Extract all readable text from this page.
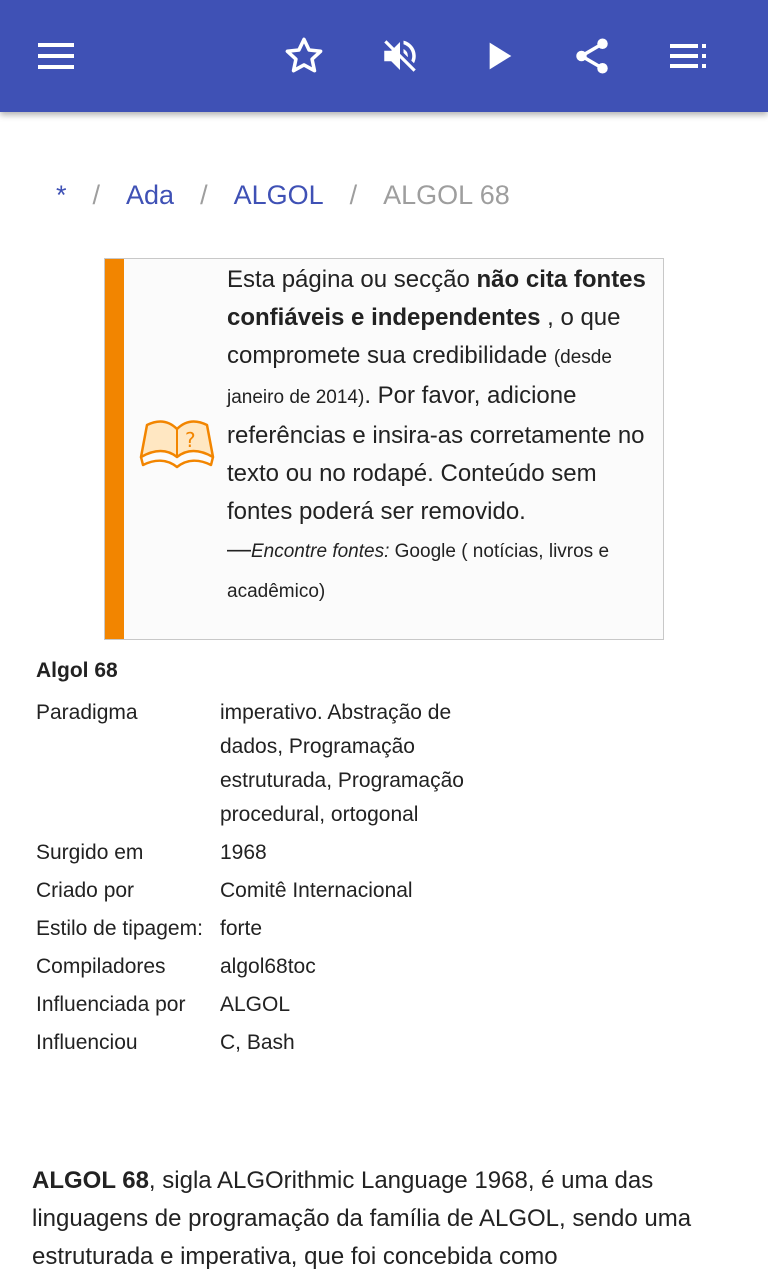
* / Ada / ALGOL / ALGOL 68
?
Esta página ou secção não cita fontes confiáveis e independentes , o que compromete sua credibilidade (desde janeiro de 2014). Por favor, adicione referências e insira-as corretamente no texto ou no rodapé. Conteúdo sem fontes poderá ser removido.
—Encontre fontes: Google ( notícias, livros e acadêmico)
Algol 68	
Paradigma	imperativo. Abstração de dados, Programação estruturada, Programação procedural, ortogonal
Surgido em	1968
Criado por	Comitê Internacional
Estilo de tipagem:	forte
Compiladores	algol68toc
Influenciada por	ALGOL
Influenciou	C, Bash
ALGOL 68, sigla ALGOrithmic Language 1968, é uma das linguagens de programação da família de ALGOL, sendo uma estruturada e imperativa, que foi concebida como
